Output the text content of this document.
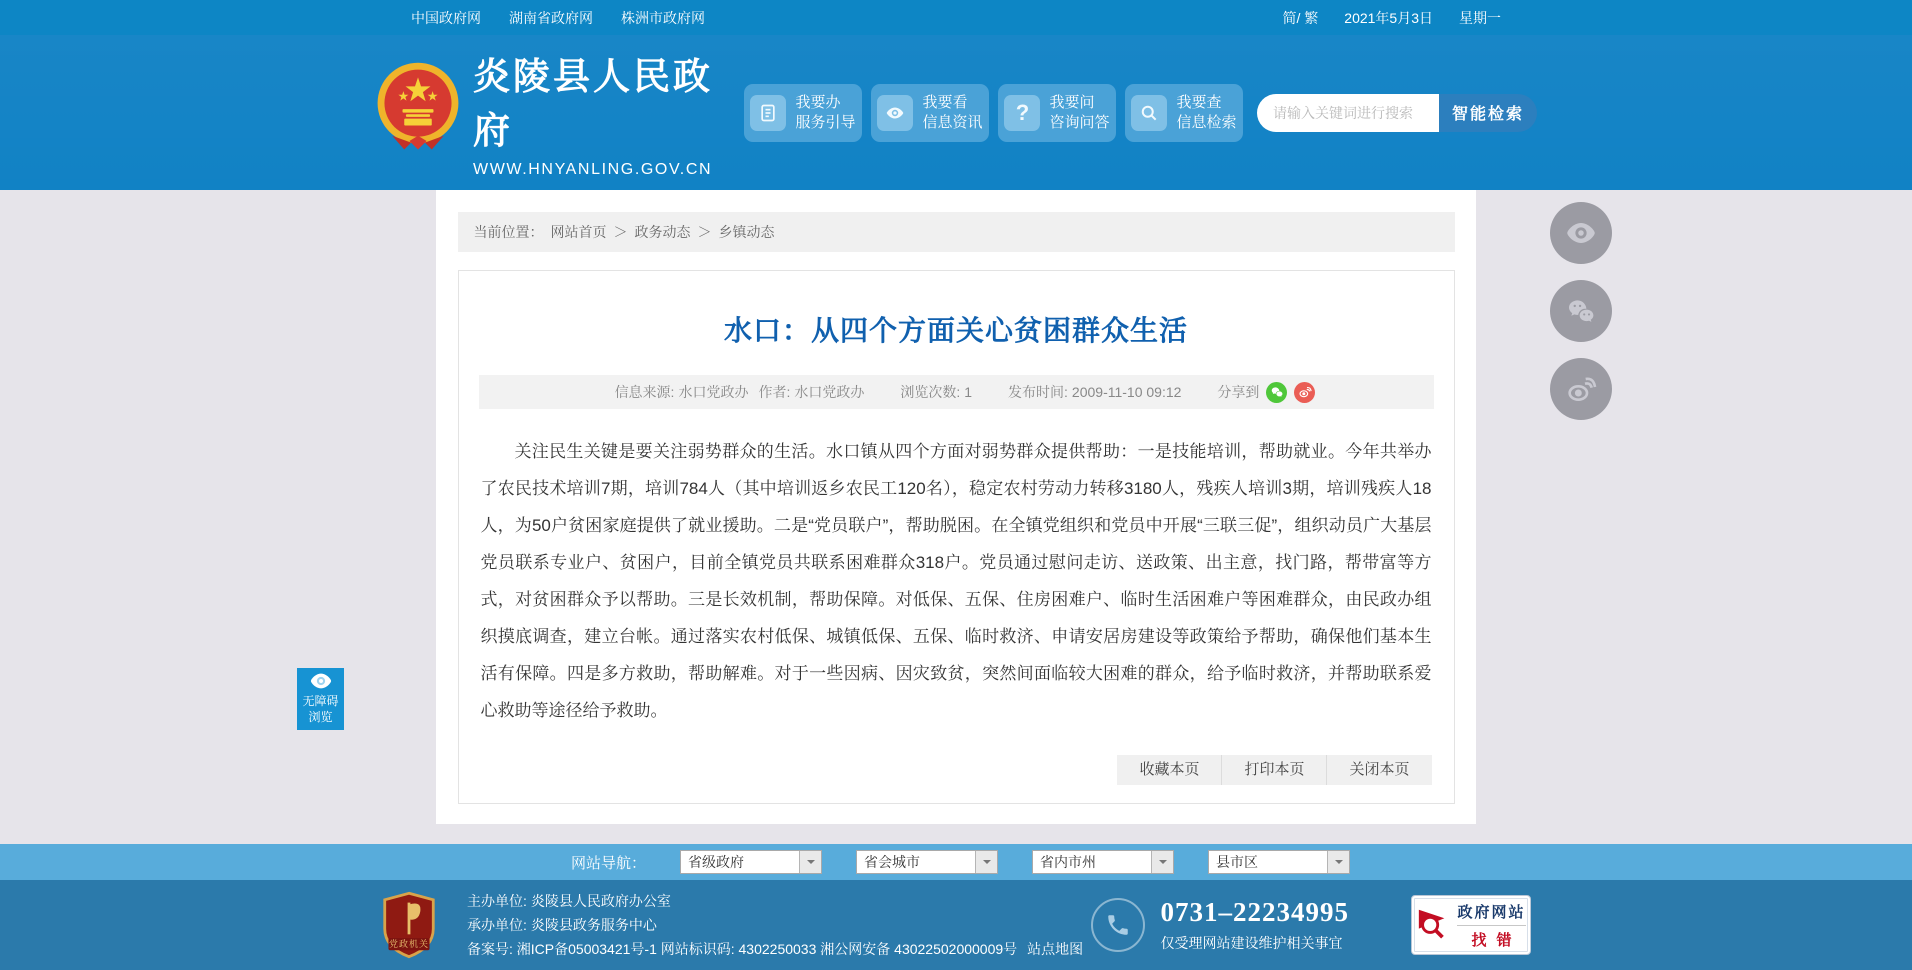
中国政府网 湖南省政府网 株洲市政府网	简/ 繁 2021年5月3日 星期一
炎陵县人民政府
WWW.HNYANLING.GOV.CN
我要办
服务引导
我要看
信息资讯	?	我要问
咨询问答
我要查
信息检索
请输入关键词进行搜索	智能检索
当前位置： 网站首页 ＞ 政务动态 ＞ 乡镇动态
水口：从四个方面关心贫困群众生活
信息来源: 水口党政办 作者: 水口党政办	浏览次数: 1	发布时间: 2009-11-10 09:12	分享到

关注民生关键是要关注弱势群众的生活。水口镇从四个方面对弱势群众提供帮助：一是技能培训，帮助就业。今年共举办了农民技术培训7期，培训784人（其中培训返乡农民工120名），稳定农村劳动力转移3180人，残疾人培训3期，培训残疾人18人，为50户贫困家庭提供了就业援助。二是“党员联户”，帮助脱困。在全镇党组织和党员中开展“三联三促”，组织动员广大基层党员联系专业户、贫困户，目前全镇党员共联系困难群众318户。党员通过慰问走访、送政策、出主意，找门路，帮带富等方式，对贫困群众予以帮助。三是长效机制，帮助保障。对低保、五保、住房困难户、临时生活困难户等困难群众，由民政办组织摸底调查，建立台帐。通过落实农村低保、城镇低保、五保、临时救济、申请安居房建设等政策给予帮助，确保他们基本生活有保障。四是多方救助，帮助解难。对于一些因病、因灾致贫，突然间面临较大困难的群众，给予临时救济，并帮助联系爱心救助等途径给予救助。

收藏本页	打印本页	关闭本页
网站导航：	省级政府	省会城市	省内市州	县市区
党政机关
主办单位: 炎陵县人民政府办公室
承办单位: 炎陵县政务服务中心
备案号: 湘ICP备05003421号-1 网站标识码: 4302250033 湘公网安备 43022502000009号 站点地图
0731–22234995
仅受理网站建设维护相关事宜
政府网站
找错
无障碍
浏览
